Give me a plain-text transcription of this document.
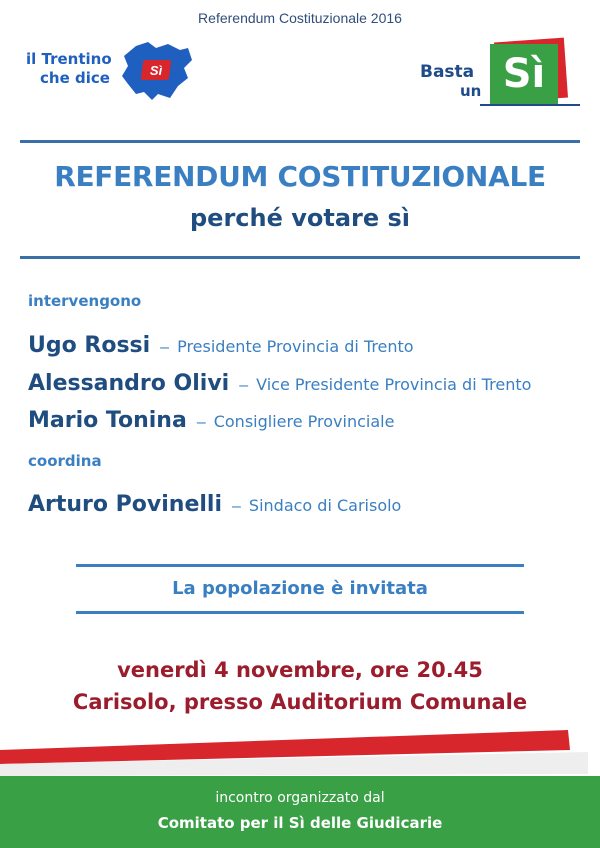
Referendum Costituzionale 2016
il Trentino
che dice	Sì	Basta
un Sì
REFERENDUM COSTITUZIONALE
perché votare sì
intervengono
Ugo Rossi – Presidente Provincia di Trento
Alessandro Olivi – Vice Presidente Provincia di Trento
Mario Tonina – Consigliere Provinciale
coordina
Arturo Povinelli – Sindaco di Carisolo
La popolazione è invitata
venerdì 4 novembre, ore 20.45
Carisolo, presso Auditorium Comunale
incontro organizzato dal
Comitato per il Sì delle Giudicarie
